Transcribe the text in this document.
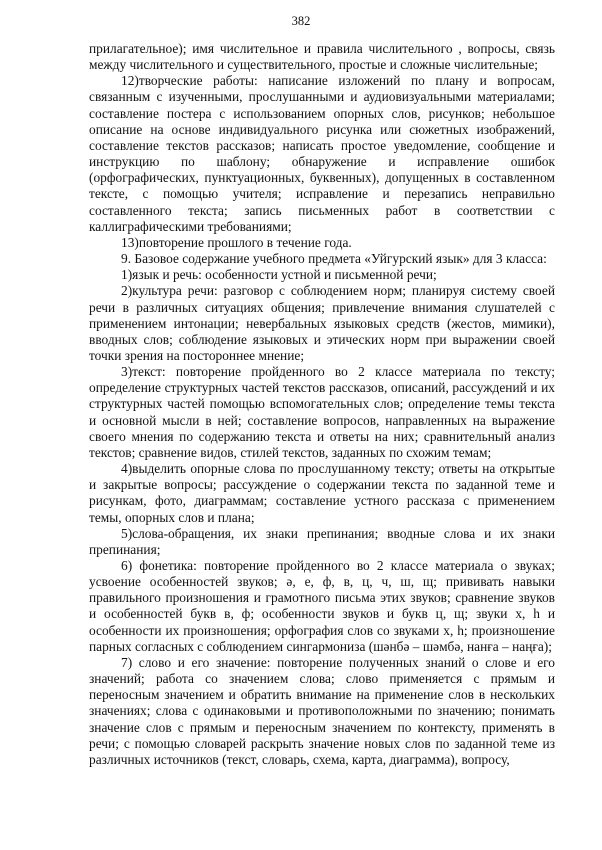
382

прилагательное); имя числительное и правила числительного , вопросы, связь между числительного и существительного, простые и сложные числительные;

12)творческие работы: написание изложений по плану и вопросам, связанным с изученными, прослушанными и аудиовизуальными материалами; составление постера с использованием опорных слов, рисунков; небольшое описание на основе индивидуального рисунка или сюжетных изображений, составление текстов рассказов; написать простое уведомление, сообщение и инструкцию по шаблону; обнаружение и исправление ошибок (орфографических, пунктуационных, буквенных), допущенных в составленном тексте, с помощью учителя; исправление и перезапись неправильно составленного текста; запись письменных работ в соответствии с каллиграфическими требованиями;

13)повторение прошлого в течение года.

9. Базовое содержание учебного предмета «Уйгурский язык» для 3 класса:

1)язык и речь: особенности устной и письменной речи;

2)культура речи: разговор с соблюдением норм; планируя систему своей речи в различных ситуациях общения; привлечение внимания слушателей с применением интонации; невербальных языковых средств (жестов, мимики), вводных слов; соблюдение языковых и этических норм при выражении своей точки зрения на постороннее мнение;

3)текст: повторение пройденного во 2 классе материала по тексту; определение структурных частей текстов рассказов, описаний, рассуждений и их структурных частей помощью вспомогательных слов; определение темы текста и основной мысли в ней; составление вопросов, направленных на выражение своего мнения по содержанию текста и ответы на них; сравнительный анализ текстов; сравнение видов, стилей текстов, заданных по схожим темам;

4)выделить опорные слова по прослушанному тексту; ответы на открытые и закрытые вопросы; рассуждение о содержании текста по заданной теме и рисункам, фото, диаграммам; составление устного рассказа с применением темы, опорных слов и плана;

5)слова-обращения, их знаки препинания; вводные слова и их знаки препинания;

6) фонетика: повторение пройденного во 2 классе материала о звуках; усвоение особенностей звуков; ә, е, ф, в, ц, ч, ш, щ; прививать навыки правильного произношения и грамотного письма этих звуков; сравнение звуков и особенностей букв в, ф; особенности звуков и букв ц, щ; звуки х, һ и особенности их произношения; орфография слов со звуками х, һ; произношение парных согласных с соблюдением сингармониза (шәнбә – шәмбә, нанға – наңға);

7) слово и его значение: повторение полученных знаний о слове и его значений; работа со значением слова; слово применяется с прямым и переносным значением и обратить внимание на применение слов в нескольких значениях; слова с одинаковыми и противоположными по значению; понимать значение слов с прямым и переносным значением по контексту, применять в речи; с помощью словарей раскрыть значение новых слов по заданной теме из различных источников (текст, словарь, схема, карта, диаграмма), вопросу,
